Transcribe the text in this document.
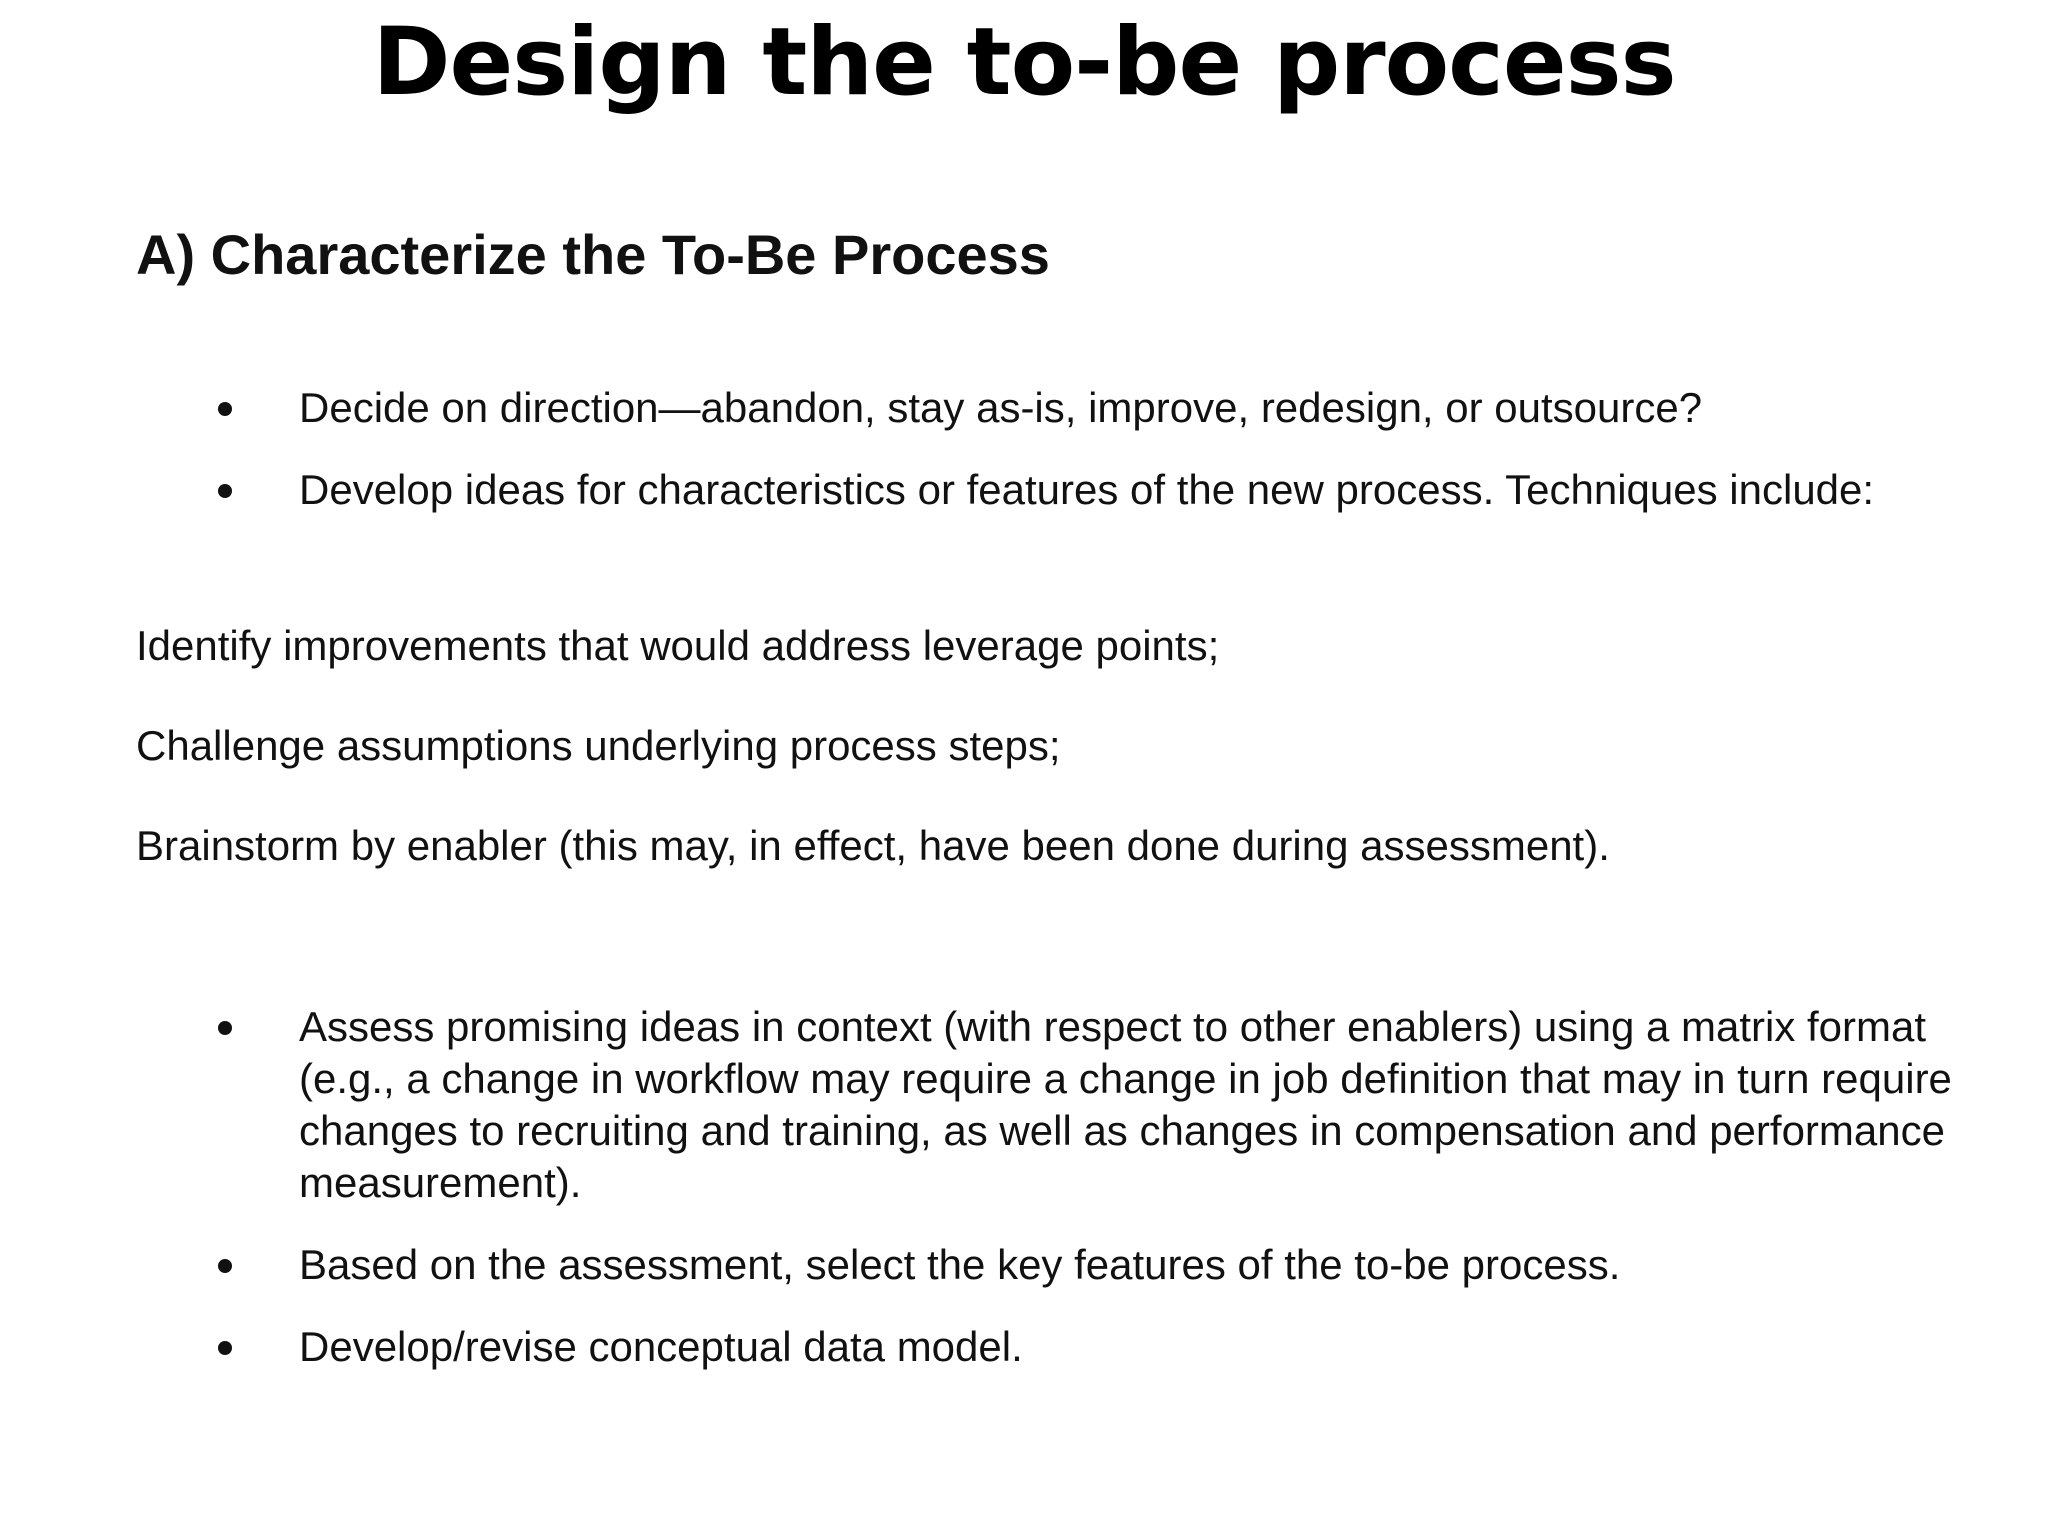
Design the to-be process
A) Characterize the To-Be Process
Decide on direction—abandon, stay as-is, improve, redesign, or outsource?
Develop ideas for characteristics or features of the new process. Techniques include:

Identify improvements that would address leverage points;

Challenge assumptions underlying process steps;

Brainstorm by enabler (this may, in effect, have been done during assessment).

Assess promising ideas in context (with respect to other enablers) using a matrix format (e.g., a change in workflow may require a change in job definition that may in turn require changes to recruiting and training, as well as changes in compensation and performance measurement).
Based on the assessment, select the key features of the to-be process.
Develop/revise conceptual data model.
